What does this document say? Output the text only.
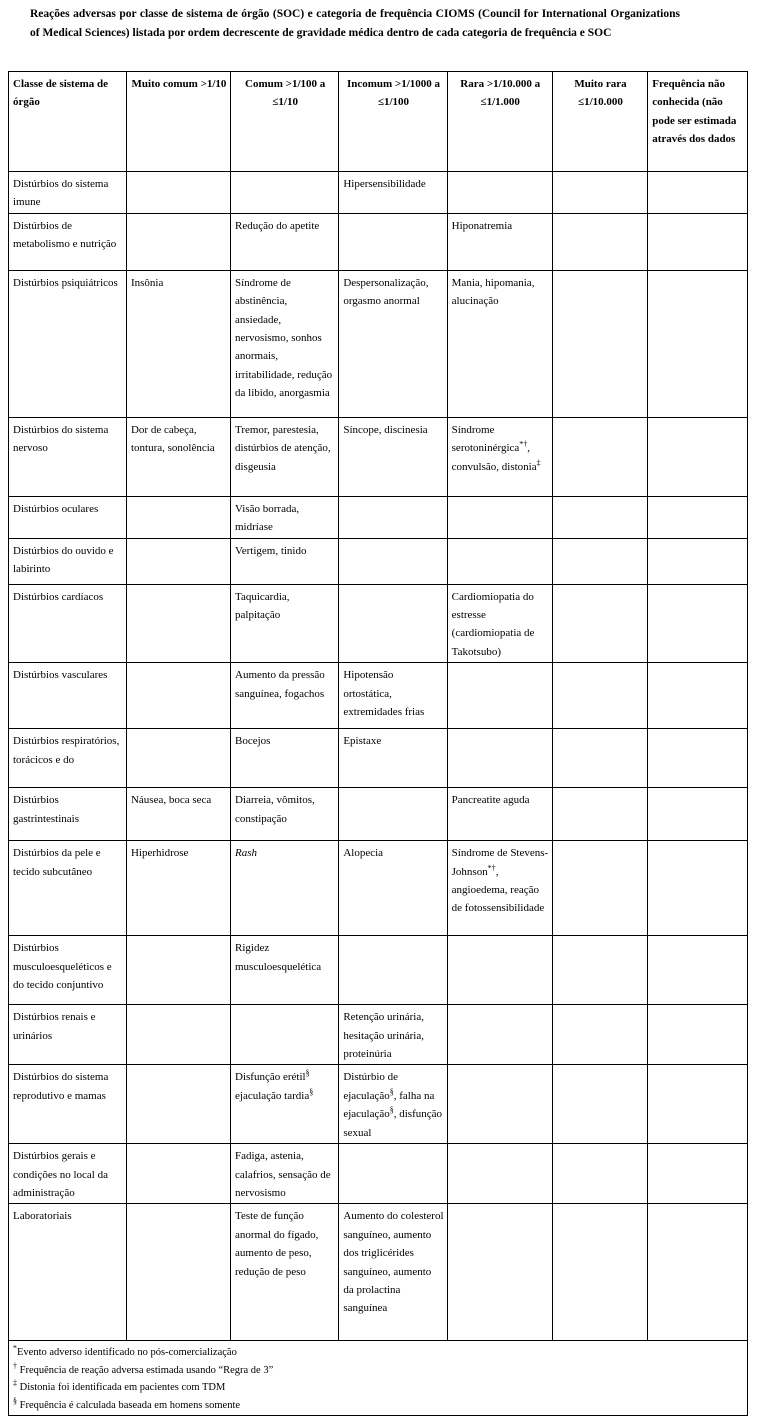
Reações adversas por classe de sistema de órgão (SOC) e categoria de frequência CIOMS (Council for International Organizations of Medical Sciences) listada por ordem decrescente de gravidade médica dentro de cada categoria de frequência e SOC
Classe de sistema de órgão	Muito comum >1/10	Comum >1/100 a ≤1/10	Incomum >1/1000 a ≤1/100	Rara >1/10.000 a ≤1/1.000	Muito rara ≤1/10.000	Frequência não conhecida (não pode ser estimada através dos dados
Distúrbios do sistema imune			Hipersensibilidade			
Distúrbios de metabolismo e nutrição		Redução do apetite		Hiponatremia		
Distúrbios psiquiátricos	Insônia	Síndrome de abstinência, ansiedade, nervosismo, sonhos anormais, irritabilidade, redução da libido, anorgasmia	Despersonalização, orgasmo anormal	Mania, hipomania, alucinação		
Distúrbios do sistema nervoso	Dor de cabeça, tontura, sonolência	Tremor, parestesia, distúrbios de atenção, disgeusia	Síncope, discinesia	Síndrome serotoninérgica*†, convulsão, distonia‡		
Distúrbios oculares		Visão borrada, midríase				
Distúrbios do ouvido e labirinto		Vertigem, tinido				
Distúrbios cardíacos		Taquicardia, palpitação		Cardiomiopatia do estresse (cardiomiopatia de Takotsubo)		
Distúrbios vasculares		Aumento da pressão sanguínea, fogachos	Hipotensão ortostática, extremidades frias			
Distúrbios respiratórios, torácicos e do		Bocejos	Epistaxe			
Distúrbios gastrintestinais	Náusea, boca seca	Diarreia, vômitos, constipação		Pancreatite aguda		
Distúrbios da pele e tecido subcutâneo	Hiperhidrose	Rash	Alopecia	Síndrome de Stevens-Johnson*†, angioedema, reação de fotossensibilidade		
Distúrbios musculoesqueléticos e do tecido conjuntivo		Rigidez musculoesquelética				
Distúrbios renais e urinários			Retenção urinária, hesitação urinária, proteinúria			
Distúrbios do sistema reprodutivo e mamas		Disfunção erétil§ ejaculação tardia§	Distúrbio de ejaculação§, falha na ejaculação§, disfunção sexual			
Distúrbios gerais e condições no local da administração		Fadiga, astenia, calafrios, sensação de nervosismo				
Laboratoriais		Teste de função anormal do fígado, aumento de peso, redução de peso	Aumento do colesterol sanguíneo, aumento dos triglicérides sanguíneo, aumento da prolactina sanguínea			

*Evento adverso identificado no pós-comercialização
† Frequência de reação adversa estimada usando “Regra de 3”
‡ Distonia foi identificada em pacientes com TDM
§ Frequência é calculada baseada em homens somente						
